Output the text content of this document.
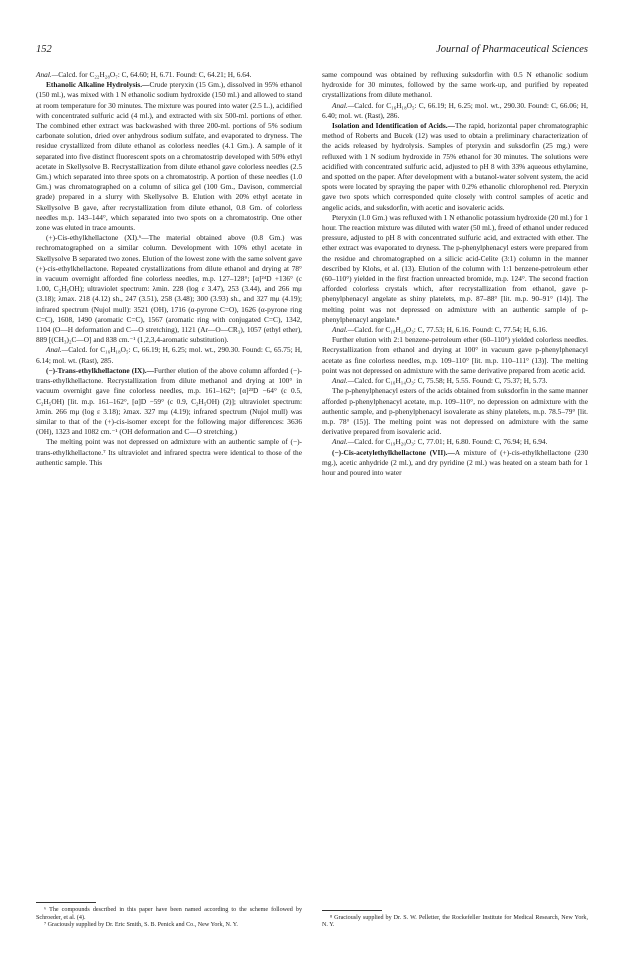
152	Journal of Pharmaceutical Sciences

Anal.—Calcd. for C₂₂H₂₈O₇: C, 64.60; H, 6.71. Found: C, 64.21; H, 6.64.

Ethanolic Alkaline Hydrolysis.—Crude pteryxin (15 Gm.), dissolved in 95% ethanol (150 ml.), was mixed with 1 N ethanolic sodium hydroxide (150 ml.) and allowed to stand at room temperature for 30 minutes. The mixture was poured into water (2.5 L.), acidified with concentrated sulfuric acid (4 ml.), and extracted with six 500-ml. portions of ether. The combined ether extract was backwashed with three 200-ml. portions of 5% sodium carbonate solution, dried over anhydrous sodium sulfate, and evaporated to dryness. The residue crystallized from dilute ethanol as colorless needles (4.1 Gm.). A sample of it separated into five distinct fluorescent spots on a chromatostrip developed with 50% ethyl acetate in Skellysolve B. Recrystallization from dilute ethanol gave colorless needles (2.5 Gm.) which separated into three spots on a chromatostrip. A portion of these needles (1.0 Gm.) was chromatographed on a column of silica gel (100 Gm., Davison, commercial grade) prepared in a slurry with Skellysolve B. Elution with 20% ethyl acetate in Skellysolve B gave, after recrystallization from dilute ethanol, 0.8 Gm. of colorless needles m.p. 143–144°, which separated into two spots on a chromatostrip. One other zone was eluted in trace amounts.

(+)-Cis-ethylkhellactone (XI).⁶—The material obtained above (0.8 Gm.) was rechromatographed on a similar column. Development with 10% ethyl acetate in Skellysolve B separated two zones. Elution of the lowest zone with the same solvent gave (+)-cis-ethylkhellactone. Repeated crystallizations from dilute ethanol and drying at 78° in vacuum overnight afforded fine colorless needles, m.p. 127–128°; [α]²⁴D +136° (c 1.00, C₂H₅OH); ultraviolet spectrum: λmin. 228 (log ε 3.47), 253 (3.44), and 266 mμ (3.18); λmax. 218 (4.12) sh., 247 (3.51), 258 (3.48); 300 (3.93) sh., and 327 mμ (4.19); infrared spectrum (Nujol mull): 3521 (OH), 1716 (α-pyrone C=O), 1626 (α-pyrone ring C=C), 1608, 1490 (aromatic C=C), 1567 (aromatic ring with conjugated C=C), 1342, 1104 (O—H deformation and C—O stretching), 1121 (Ar—O—CR₃), 1057 (ethyl ether), 889 [(CH₃)₂C—O] and 838 cm.⁻¹ (1,2,3,4-aromatic substitution).

Anal.—Calcd. for C₁₆H₁₈O₅: C, 66.19; H, 6.25; mol. wt., 290.30. Found: C, 65.75; H, 6.14; mol. wt. (Rast), 285.

(−)-Trans-ethylkhellactone (IX).—Further elution of the above column afforded (−)-trans-ethylkhellactone. Recrystallization from dilute methanol and drying at 100° in vacuum overnight gave fine colorless needles, m.p. 161–162°; [α]²³D −64° (c 0.5, C₂H₅OH) [lit. m.p. 161–162°, [α]D −59° (c 0.9, C₂H₅OH) (2)]; ultraviolet spectrum: λmin. 266 mμ (log ε 3.18); λmax. 327 mμ (4.19); infrared spectrum (Nujol mull) was similar to that of the (+)-cis-isomer except for the following major differences: 3636 (OH), 1323 and 1082 cm.⁻¹ (OH deformation and C—O stretching.)

The melting point was not depressed on admixture with an authentic sample of (−)-trans-ethylkhellactone.⁷ Its ultraviolet and infrared spectra were identical to those of the authentic sample. This

same compound was obtained by refluxing suksdorfin with 0.5 N ethanolic sodium hydroxide for 30 minutes, followed by the same work-up, and purified by repeated crystallizations from dilute methanol.

Anal.—Calcd. for C₁₆H₁₈O₅: C, 66.19; H, 6.25; mol. wt., 290.30. Found: C, 66.06; H, 6.40; mol. wt. (Rast), 286.

Isolation and Identification of Acids.—The rapid, horizontal paper chromatographic method of Roberts and Bucek (12) was used to obtain a preliminary characterization of the acids released by hydrolysis. Samples of pteryxin and suksdorfin (25 mg.) were refluxed with 1 N sodium hydroxide in 75% ethanol for 30 minutes. The solutions were acidified with concentrated sulfuric acid, adjusted to pH 8 with 33% aqueous ethylamine, and spotted on the paper. After development with a butanol-water solvent system, the acid spots were located by spraying the paper with 0.2% ethanolic chlorophenol red. Pteryxin gave two spots which corresponded quite closely with control samples of acetic and angelic acids, and suksdorfin, with acetic and isovaleric acids.

Pteryxin (1.0 Gm.) was refluxed with 1 N ethanolic potassium hydroxide (20 ml.) for 1 hour. The reaction mixture was diluted with water (50 ml.), freed of ethanol under reduced pressure, adjusted to pH 8 with concentrated sulfuric acid, and extracted with ether. The ether extract was evaporated to dryness. The p-phenylphenacyl esters were prepared from the residue and chromatographed on a silicic acid-Celite (3:1) column in the manner described by Klohs, et al. (13). Elution of the column with 1:1 benzene-petroleum ether (60–110°) yielded in the first fraction unreacted bromide, m.p. 124°. The second fraction afforded colorless crystals which, after recrystallization from ethanol, gave p-phenylphenacyl angelate as shiny platelets, m.p. 87–88° [lit. m.p. 90–91° (14)]. The melting point was not depressed on admixture with an authentic sample of p-phenylphenacyl angelate.⁸

Anal.—Calcd. for C₁₉H₁₈O₃: C, 77.53; H, 6.16. Found: C, 77.54; H, 6.16.

Further elution with 2:1 benzene-petroleum ether (60–110°) yielded colorless needles. Recrystallization from ethanol and drying at 100° in vacuum gave p-phenylphenacyl acetate as fine colorless needles, m.p. 109–110° [lit. m.p. 110–111° (13)]. The melting point was not depressed on admixture with the same derivative prepared from acetic acid.

Anal.—Calcd. for C₁₆H₁₄O₃: C, 75.58; H, 5.55. Found: C, 75.37; H, 5.73.

The p-phenylphenacyl esters of the acids obtained from suksdorfin in the same manner afforded p-phenylphenacyl acetate, m.p. 109–110°, no depression on admixture with the authentic sample, and p-phenylphenacyl isovalerate as shiny platelets, m.p. 78.5–79° [lit. m.p. 78° (15)]. The melting point was not depressed on admixture with the same derivative prepared from isovaleric acid.

Anal.—Calcd. for C₁₉H₂₀O₃: C, 77.01; H, 6.80. Found: C, 76.94; H, 6.94.

(−)-Cis-acetylethylkhellactone (VII).—A mixture of (+)-cis-ethylkhellactone (230 mg.), acetic anhydride (2 ml.), and dry pyridine (2 ml.) was heated on a steam bath for 1 hour and poured into water

⁶ The compounds described in this paper have been named according to the scheme followed by Schroeder, et al. (4).

⁷ Graciously supplied by Dr. Eric Smith, S. B. Penick and Co., New York, N. Y.

⁸ Graciously supplied by Dr. S. W. Pelletier, the Rockefeller Institute for Medical Research, New York, N. Y.
